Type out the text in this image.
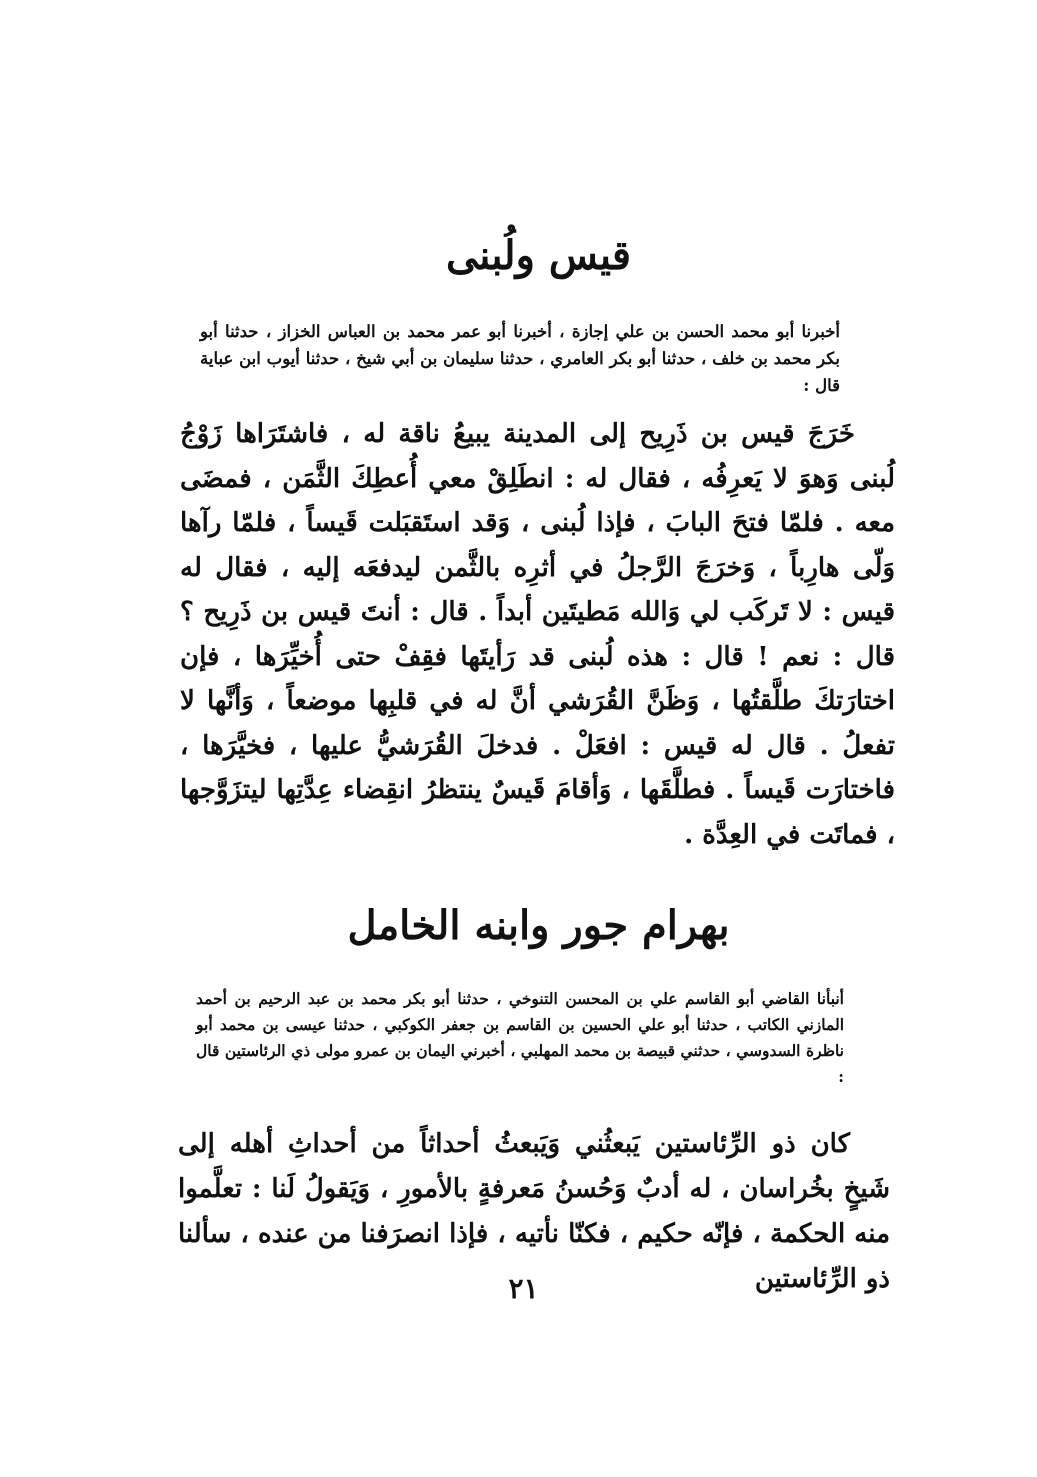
قيس ولُبنى

أخبرنا أبو محمد الحسن بن علي إجازة ، أخبرنا أبو عمر محمد بن العباس الخزاز ، حدثنا أبو بكر محمد بن خلف ، حدثنا أبو بكر العامري ، حدثنا سليمان بن أبي شيخ ، حدثنا أيوب ابن عباية قال :

خَرَجَ قيس بن ذَرِيح إلى المدينة يبيعُ ناقة له ، فاشتَرَاها زَوْجُ لُبنى وَهوَ لا يَعرِفُه ، فقال له : انطَلِقْ معي أُعطِكَ الثَّمَن ، فمضَى معه . فلمّا فتحَ البابَ ، فإذا لُبنى ، وَقد استَقبَلت قَيساً ، فلمّا رآها وَلّى هارِباً ، وَخرَجَ الرَّجلُ في أثرِه بالثَّمن ليدفعَه إليه ، فقال له قيس : لا تَركَب لي وَالله مَطيتَين أبداً . قال : أنتَ قيس بن ذَرِيح ؟ قال : نعم ! قال : هذه لُبنى قد رَأيتَها فقِفْ حتى أُخيِّرَها ، فإن اختارَتكَ طلَّقتُها ، وَظَنَّ القُرَشي أنَّ له في قلبِها موضعاً ، وَأنَّها لا تفعلُ . قال له قيس : افعَلْ . فدخلَ القُرَشيُّ عليها ، فخيَّرَها ، فاختارَت قَيساً . فطلَّقَها ، وَأقامَ قَيسٌ ينتظرُ انقِضاء عِدَّتِها ليتزَوَّجها ، فماتَت في العِدَّة .

بهرام جور وابنه الخامل

أنبأنا القاضي أبو القاسم علي بن المحسن التنوخي ، حدثنا أبو بكر محمد بن عبد الرحيم بن أحمد المازني الكاتب ، حدثنا أبو علي الحسين بن القاسم بن جعفر الكوكبي ، حدثنا عيسى بن محمد أبو ناظرة السدوسي ، حدثني قبيصة بن محمد المهلبي ، أخبرني اليمان بن عمرو مولى ذي الرئاستين قال :

كان ذو الرِّئاستين يَبعثُني وَيَبعثُ أحداثاً من أحداثِ أهله إلى شَيخٍ بخُراسان ، له أدبٌ وَحُسنُ مَعرفةٍ بالأمورِ ، وَيَقولُ لَنا : تعلَّموا منه الحكمة ، فإنّه حكيم ، فكنّا نأتيه ، فإذا انصرَفنا من عنده ، سألنا ذو الرِّئاستين

٢١
